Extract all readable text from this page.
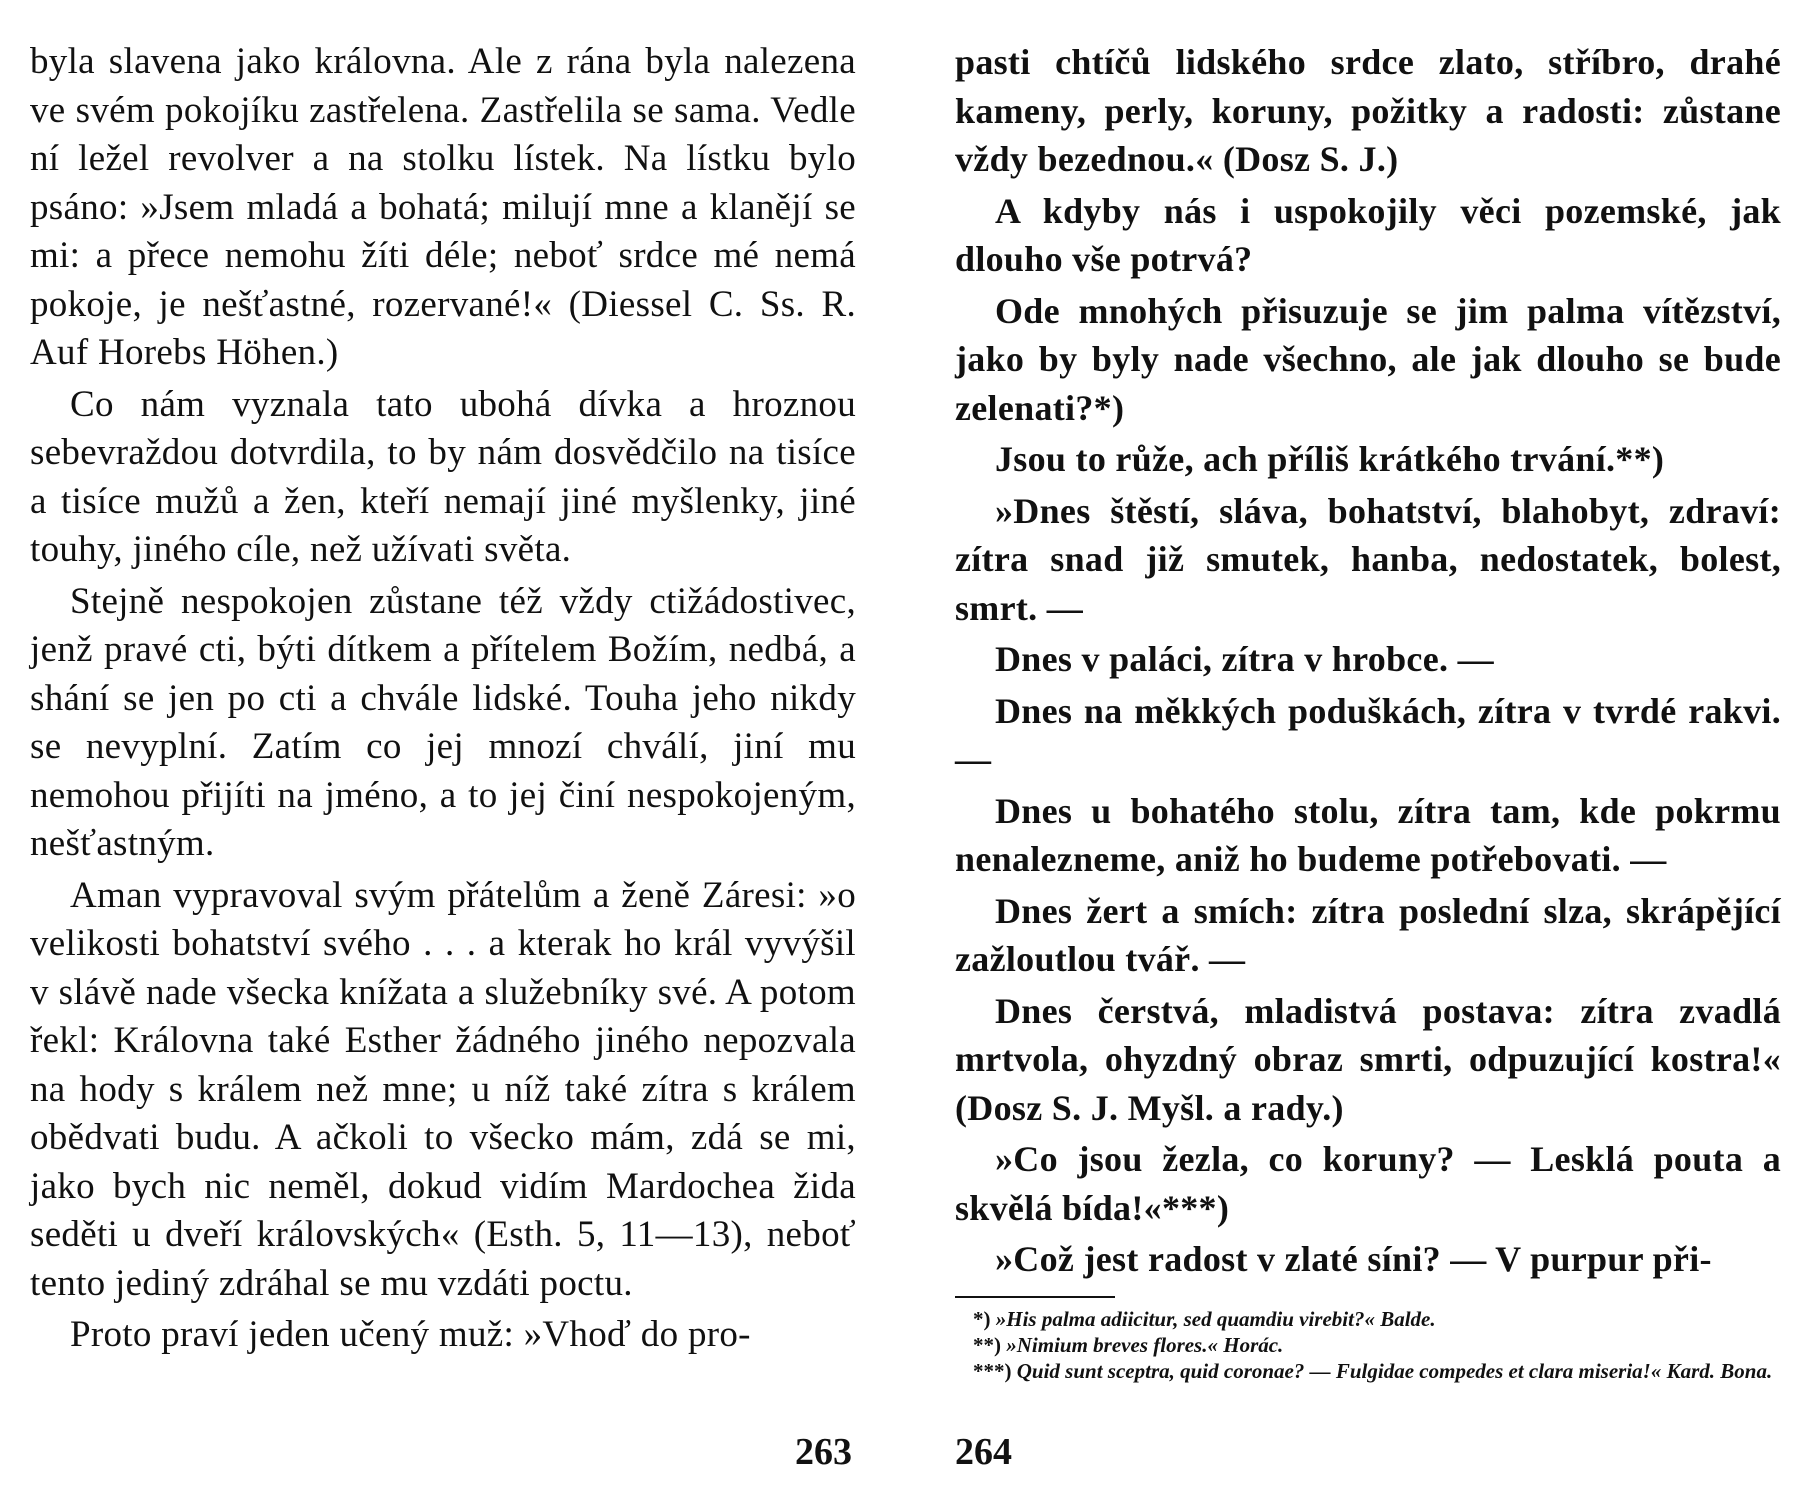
byla slavena jako královna. Ale z rána byla nalezena ve svém pokojíku zastřelena. Zastřelila se sama. Vedle ní ležel revolver a na stolku lístek. Na lístku bylo psáno: »Jsem mladá a bohatá; milují mne a klanějí se mi: a přece nemohu žíti déle; neboť srdce mé nemá pokoje, je nešťastné, rozervané!« (Diessel C. Ss. R. Auf Horebs Höhen.)

Co nám vyznala tato ubohá dívka a hroznou sebevraždou dotvrdila, to by nám dosvědčilo na tisíce a tisíce mužů a žen, kteří nemají jiné myšlenky, jiné touhy, jiného cíle, než užívati světa.

Stejně nespokojen zůstane též vždy ctižádostivec, jenž pravé cti, býti dítkem a přítelem Božím, nedbá, a shání se jen po cti a chvále lidské. Touha jeho nikdy se nevyplní. Zatím co jej mnozí chválí, jiní mu nemohou přijíti na jméno, a to jej činí nespokojeným, nešťastným.

Aman vypravoval svým přátelům a ženě Záresi: »o velikosti bohatství svého . . . a kterak ho král vyvýšil v slávě nade všecka knížata a služebníky své. A potom řekl: Královna také Esther žádného jiného nepozvala na hody s králem než mne; u níž také zítra s králem obědvati budu. A ačkoli to všecko mám, zdá se mi, jako bych nic neměl, dokud vidím Mardochea žida seděti u dveří královských« (Esth. 5, 11—13), neboť tento jediný zdráhal se mu vzdáti poctu.

Proto praví jeden učený muž: »Vhoď do pro-

263

pasti chtíčů lidského srdce zlato, stříbro, drahé kameny, perly, koruny, požitky a radosti: zůstane vždy bezednou.« (Dosz S. J.)

A kdyby nás i uspokojily věci pozemské, jak dlouho vše potrvá?

Ode mnohých přisuzuje se jim palma vítězství, jako by byly nade všechno, ale jak dlouho se bude zelenati?*)

Jsou to růže, ach příliš krátkého trvání.**)

»Dnes štěstí, sláva, bohatství, blahobyt, zdraví: zítra snad již smutek, hanba, nedostatek, bolest, smrt. —

Dnes v paláci, zítra v hrobce. —

Dnes na měkkých poduškách, zítra v tvrdé rakvi. —

Dnes u bohatého stolu, zítra tam, kde pokrmu nenalezneme, aniž ho budeme potřebovati. —

Dnes žert a smích: zítra poslední slza, skrápějící zažloutlou tvář. —

Dnes čerstvá, mladistvá postava: zítra zvadlá mrtvola, ohyzdný obraz smrti, odpuzující kostra!« (Dosz S. J. Myšl. a rady.)

»Co jsou žezla, co koruny? — Lesklá pouta a skvělá bída!«***)

»Což jest radost v zlaté síni? — V purpur při-

*) »His palma adiicitur, sed quamdiu virebit?« Balde.

**) »Nimium breves flores.« Horác.

***) Quid sunt sceptra, quid coronae? — Fulgidae compedes et clara miseria!« Kard. Bona.

264
